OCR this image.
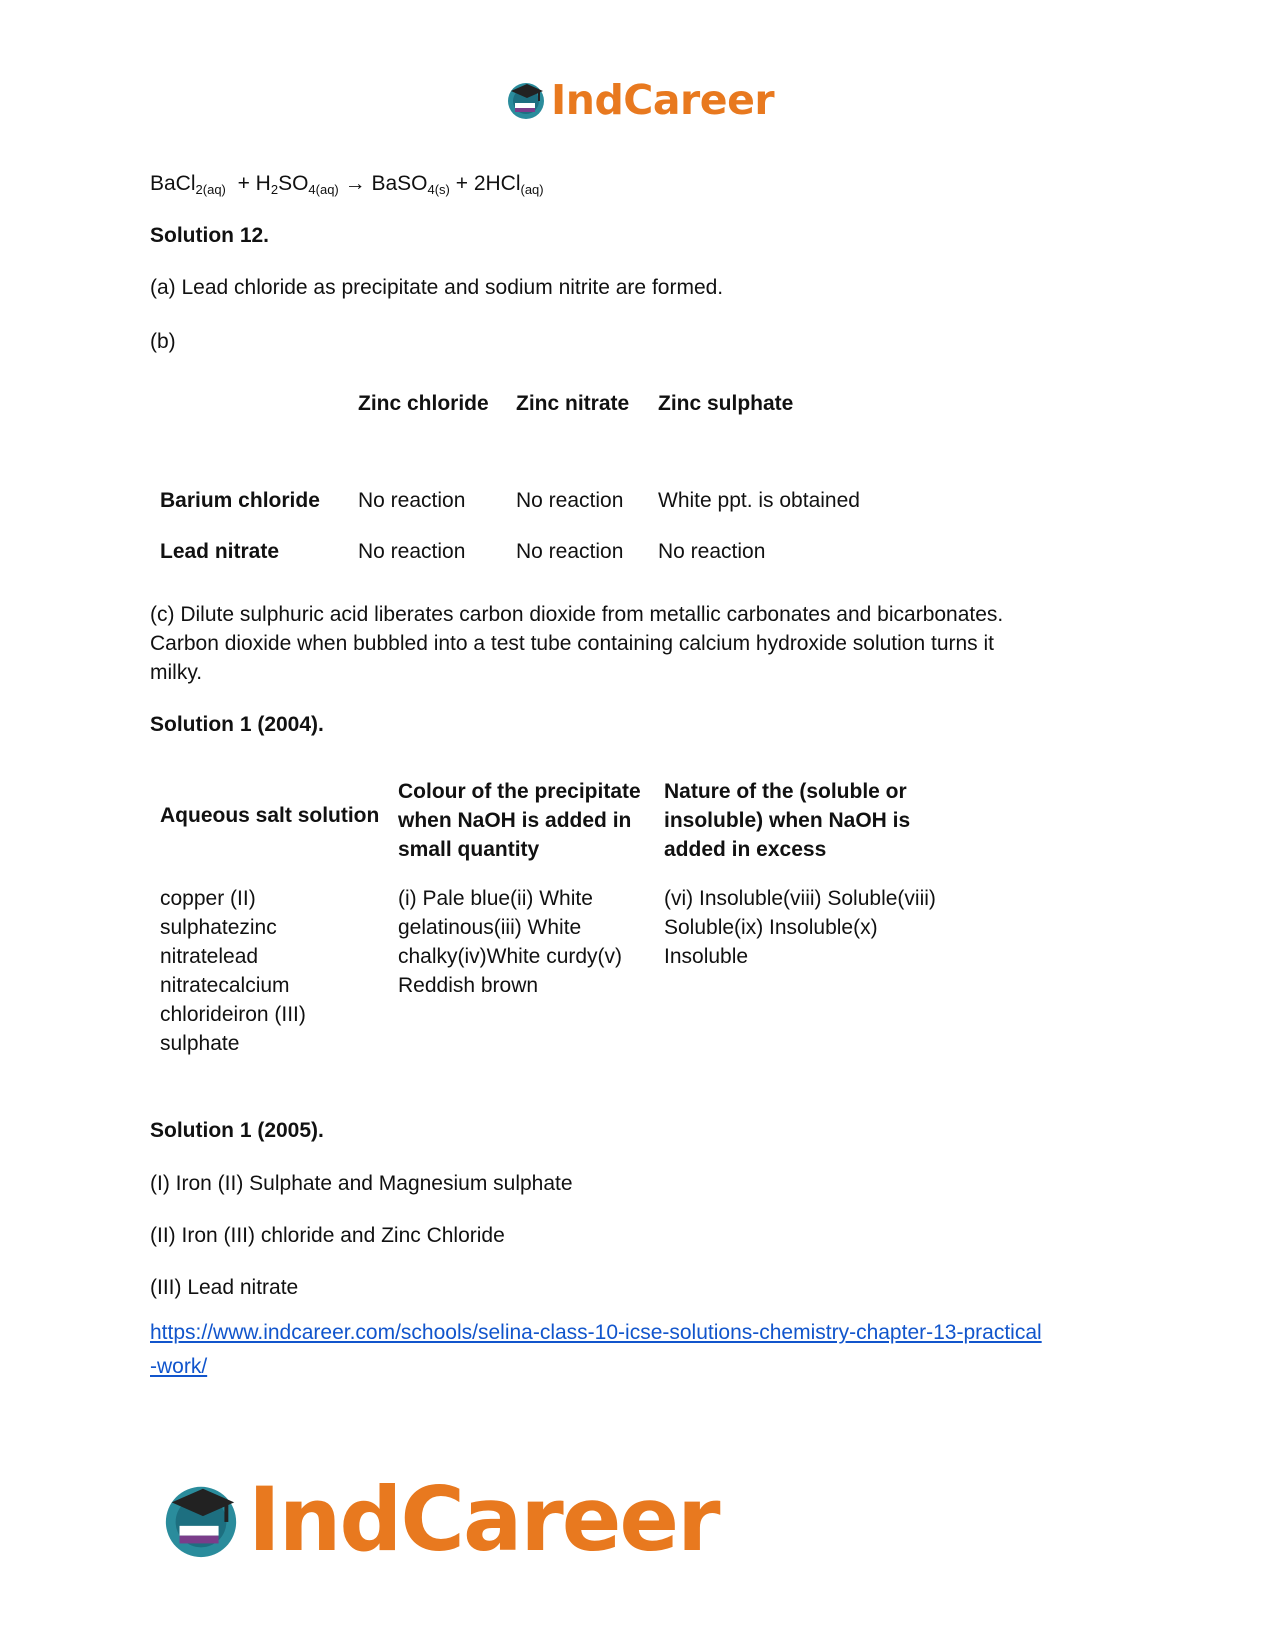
IndCareer
BaCl$_{2(aq)}$ + $H_2SO_{4(aq)}$ → BaSO$_{4(s)}$ + 2HCl$_{(aq)}$
Solution 12.
(a) Lead chloride as precipitate and sodium nitrite are formed.
(b)
	Zinc chloride	Zinc nitrate	Zinc sulphate
Barium chloride	No reaction	No reaction	White ppt. is obtained
Lead nitrate	No reaction	No reaction	No reaction
(c) Dilute sulphuric acid liberates carbon dioxide from metallic carbonates and bicarbonates.
Carbon dioxide when bubbled into a test tube containing calcium hydroxide solution turns it
milky.
Solution 1 (2004).
Aqueous salt solution	Colour of the precipitate when NaOH is added in small quantity	Nature of the (soluble or insoluble) when NaOH is added in excess
copper (II) sulphatezinc nitratelead nitratecalcium chlorideiron (III) sulphate	(i) Pale blue(ii) White gelatinous(iii) White chalky(iv)White curdy(v) Reddish brown	(vi) Insoluble(viii) Soluble(viii) Soluble(ix) Insoluble(x) Insoluble
Solution 1 (2005).
(I) Iron (II) Sulphate and Magnesium sulphate
(II) Iron (III) chloride and Zinc Chloride
(III) Lead nitrate
https://www.indcareer.com/schools/selina-class-10-icse-solutions-chemistry-chapter-13-practical
-work/
IndCareer
